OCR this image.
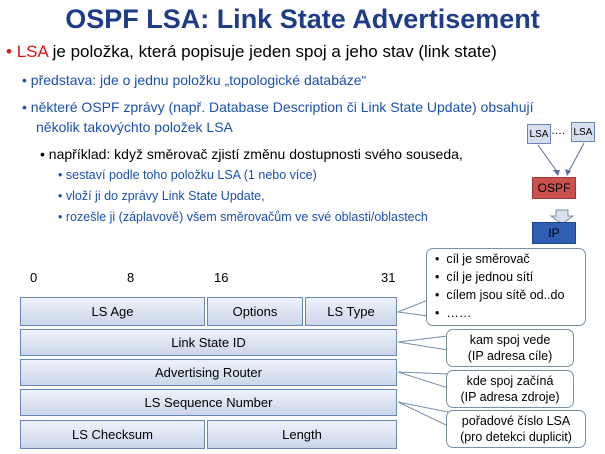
OSPF LSA: Link State Advertisement
• LSA je položka, která popisuje jeden spoj a jeho stav (link state)
• představa: jde o jednu položku „topologické databáze“
• některé OSPF zprávy (např. Database Description či Link State Update) obsahují
několik takovýchto položek LSA
• například: když směrovač zjistí změnu dostupnosti svého souseda,
• sestaví podle toho položku LSA (1 nebo více)
• vloží ji do zprávy Link State Update,
• rozešle ji (záplavově) všem směrovačům ve své oblasti/oblastech
LSA …. LSA
OSPF
IP
0	8	16	31
LS Age	Options	LS Type
Link State ID
Advertising Router
LS Sequence Number
LS Checksum	Length
•  cíl je směrovač
•  cíl je jednou sítí
•  cílem jsou sítě od..do
•  ……
kam spoj vede
(IP adresa cíle)
kde spoj začíná
(IP adresa zdroje)
pořadové číslo LSA
(pro detekci duplicit)
